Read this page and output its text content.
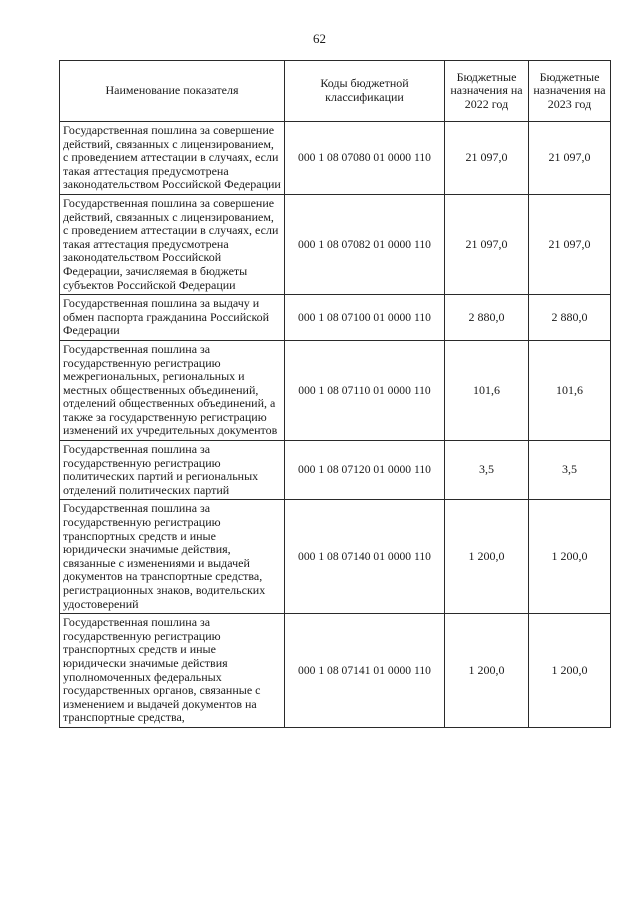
62
Наименование показателя	Коды бюджетной классификации	Бюджетные назначения на 2022 год	Бюджетные назначения на 2023 год
Государственная пошлина за совершение действий, связанных с лицензированием, с проведением аттестации в случаях, если такая аттестация предусмотрена законодательством Российской Федерации	000 1 08 07080 01 0000 110	21 097,0	21 097,0
Государственная пошлина за совершение действий, связанных с лицензированием, с проведением аттестации в случаях, если такая аттестация предусмотрена законодательством Российской Федерации, зачисляемая в бюджеты субъектов Российской Федерации	000 1 08 07082 01 0000 110	21 097,0	21 097,0
Государственная пошлина за выдачу и обмен паспорта гражданина Российской Федерации	000 1 08 07100 01 0000 110	2 880,0	2 880,0
Государственная пошлина за государственную регистрацию межрегиональных, региональных и местных общественных объединений, отделений общественных объединений, а также за государственную регистрацию изменений их учредительных документов	000 1 08 07110 01 0000 110	101,6	101,6
Государственная пошлина за государственную регистрацию политических партий и региональных отделений политических партий	000 1 08 07120 01 0000 110	3,5	3,5
Государственная пошлина за государственную регистрацию транспортных средств и иные юридически значимые действия, связанные с изменениями и выдачей документов на транспортные средства, регистрационных знаков, водительских удостоверений	000 1 08 07140 01 0000 110	1 200,0	1 200,0
Государственная пошлина за государственную регистрацию транспортных средств и иные юридически значимые действия уполномоченных федеральных государственных органов, связанные с изменением и выдачей документов на транспортные средства,	000 1 08 07141 01 0000 110	1 200,0	1 200,0
